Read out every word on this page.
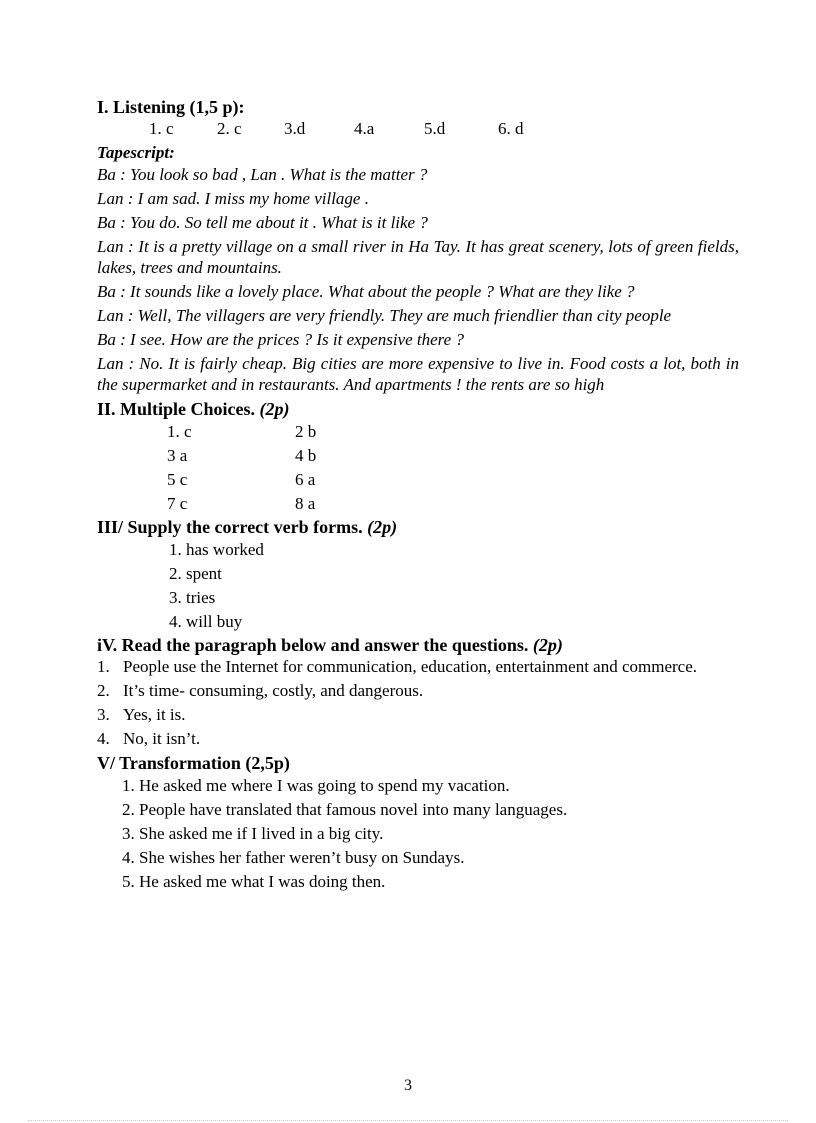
I. Listening (1,5 p):
1. c	2. c	3.d	4.a	5.d	6. d
Tapescript:
Ba : You look so bad , Lan . What is the matter ?
Lan : I am sad. I miss my home village .
Ba : You do. So tell me about it . What is it like ?
Lan : It is a pretty village on a small river in Ha Tay. It has great scenery, lots of green fields, lakes, trees and mountains.
Ba : It sounds like a lovely place. What about the people ? What are they like ?
Lan : Well, The villagers are very friendly. They are much friendlier than city people
Ba : I see. How are the prices ? Is it expensive there ?
Lan : No. It is fairly cheap. Big cities are more expensive to live in. Food costs a lot, both in the supermarket and in restaurants. And apartments ! the rents are so high
II. Multiple Choices. (2p)
1. c	2 b
3 a	4 b
5 c	6 a
7 c	8 a
III/ Supply the correct verb forms. (2p)
1. has worked
2. spent
3. tries
4. will buy
iV. Read the paragraph below and answer the questions. (2p)
1. People use the Internet for communication, education, entertainment and commerce.
2. It’s time- consuming, costly, and dangerous.
3. Yes, it is.
4. No, it isn’t.
V/ Transformation (2,5p)
1. He asked me where I was going to spend my vacation.
2. People have translated that famous novel into many languages.
3. She asked me if I lived in a big city.
4. She wishes her father weren’t busy on Sundays.
5. He asked me what I was doing then.
3
